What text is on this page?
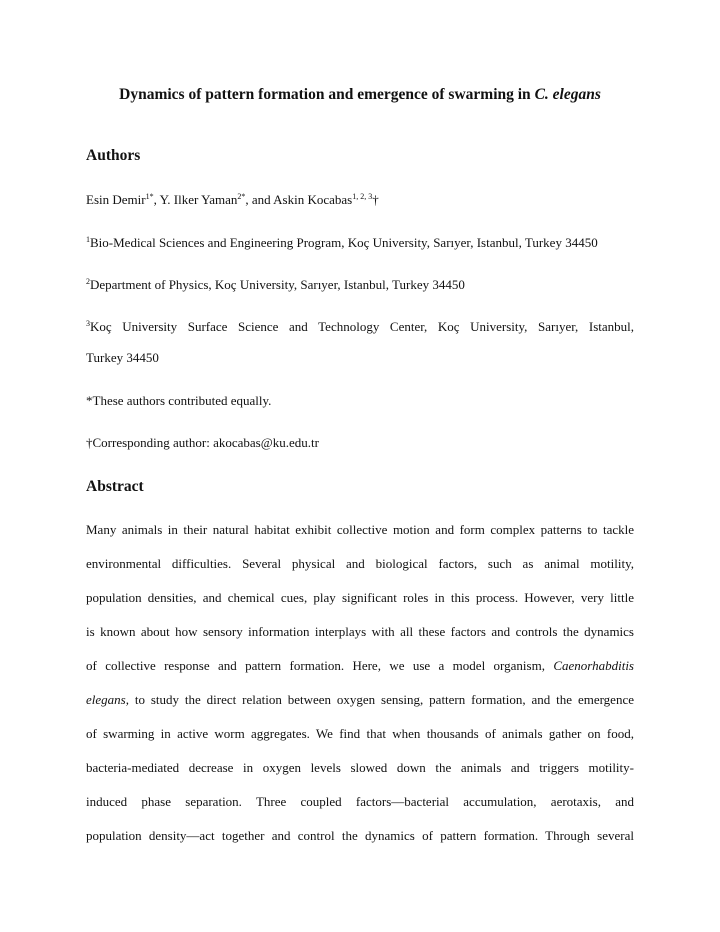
Dynamics of pattern formation and emergence of swarming in C. elegans
Authors
Esin Demir$^{1*}$, Y. Ilker Yaman$^{2*}$, and Askin Kocabas$^{1, 2, 3}$†
$^1$Bio-Medical Sciences and Engineering Program, Koç University, Sarıyer, Istanbul, Turkey 34450
$^2$Department of Physics, Koç University, Sarıyer, Istanbul, Turkey 34450
$^3$Koç University Surface Science and Technology Center, Koç University, Sarıyer, Istanbul,
Turkey 34450
*These authors contributed equally.
†Corresponding author: akocabas@ku.edu.tr
Abstract
Many animals in their natural habitat exhibit collective motion and form complex patterns to tackle
environmental difficulties. Several physical and biological factors, such as animal motility,
population densities, and chemical cues, play significant roles in this process. However, very little
is known about how sensory information interplays with all these factors and controls the dynamics
of collective response and pattern formation. Here, we use a model organism, Caenorhabditis
elegans, to study the direct relation between oxygen sensing, pattern formation, and the emergence
of swarming in active worm aggregates. We find that when thousands of animals gather on food,
bacteria-mediated decrease in oxygen levels slowed down the animals and triggers motility-
induced phase separation. Three coupled factors—bacterial accumulation, aerotaxis, and
population density—act together and control the dynamics of pattern formation. Through several
